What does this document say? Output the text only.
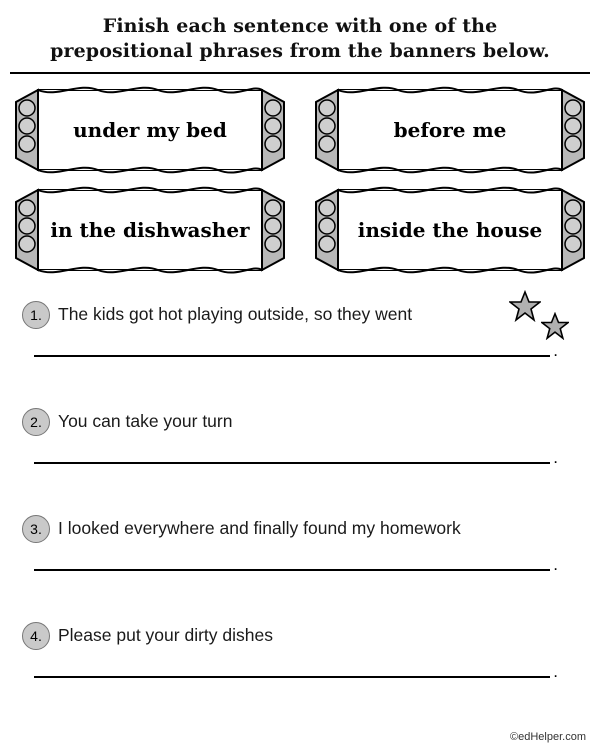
Finish each sentence with one of the
prepositional phrases from the banners below.
under my bed	before me
in the dishwasher	inside the house
1. The kids got hot playing outside, so they went
.
2. You can take your turn
.
3. I looked everywhere and finally found my homework
.
4. Please put your dirty dishes
.
©edHelper.com
